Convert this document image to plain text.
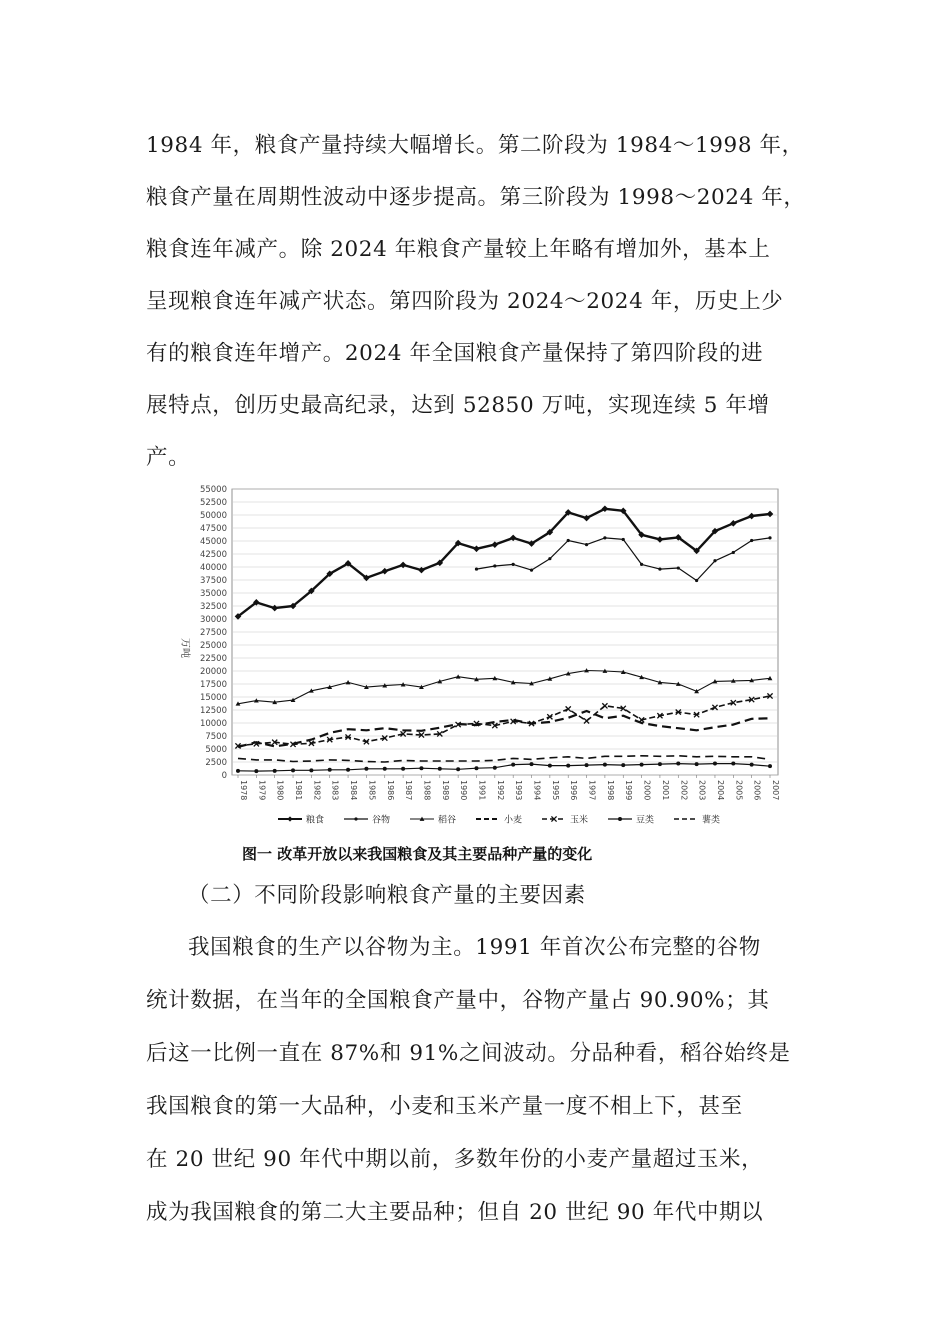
1984 年，粮食产量持续大幅增长。第二阶段为 1984～1998 年，
粮食产量在周期性波动中逐步提高。第三阶段为 1998～2024 年，
粮食连年减产。除 2024 年粮食产量较上年略有增加外，基本上
呈现粮食连年减产状态。第四阶段为 2024～2024 年，历史上少
有的粮食连年增产。2024 年全国粮食产量保持了第四阶段的进
展特点，创历史最高纪录，达到 52850 万吨，实现连续 5 年增
产。
0
2500
5000
7500
10000
12500
15000
17500
20000
22500
25000
27500
30000
32500
35000
37500
40000
42500
45000
47500
50000
52500
55000
1978 1979 1980 1981 1982 1983 1984 1985 1986 1987 1988 1989 1990 1991 1992 1993 1994 1995 1996 1997 1998 1999 2000 2001 2002 2003 2004 2005 2006 2007
粮食	谷物	稻谷	小麦	玉米	豆类	薯类
万吨
图一 改革开放以来我国粮食及其主要品种产量的变化
（二）不同阶段影响粮食产量的主要因素
我国粮食的生产以谷物为主。1991 年首次公布完整的谷物
统计数据，在当年的全国粮食产量中，谷物产量占 90.90%；其
后这一比例一直在 87%和 91%之间波动。分品种看，稻谷始终是
我国粮食的第一大品种，小麦和玉米产量一度不相上下，甚至
在 20 世纪 90 年代中期以前，多数年份的小麦产量超过玉米，
成为我国粮食的第二大主要品种；但自 20 世纪 90 年代中期以
